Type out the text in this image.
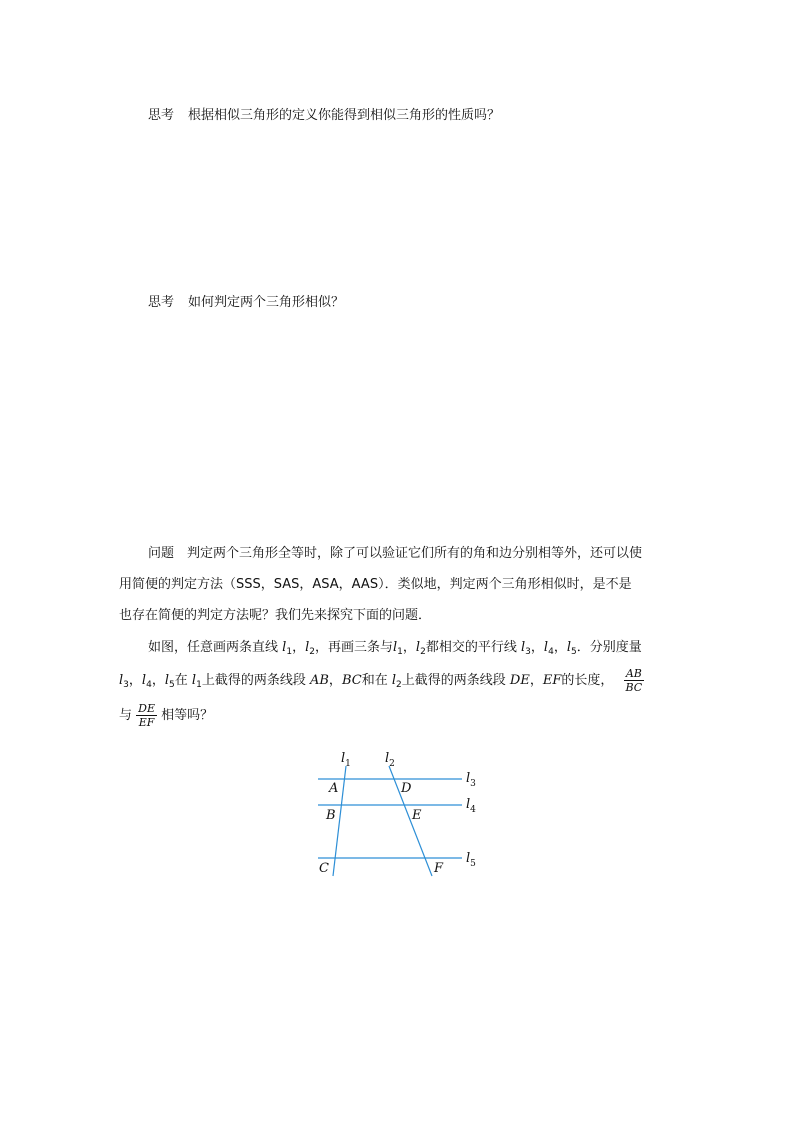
思考 根据相似三角形的定义你能得到相似三角形的性质吗？
思考 如何判定两个三角形相似？
问题 判定两个三角形全等时，除了可以验证它们所有的角和边分别相等外，还可以使
用简便的判定方法（SSS，SAS，ASA，AAS）．类似地，判定两个三角形相似时，是不是
也存在简便的判定方法呢？我们先来探究下面的问题．
如图，任意画两条直线 $l_1$，$l_2$，再画三条与$l_1$，$l_2$都相交的平行线 $l_3$，$l_4$，$l_5$．分别度量
$l_3$，$l_4$，$l_5$在 $l_1$上截得的两条线段 AB，BC和在 $l_2$上截得的两条线段 DE，EF的长度， $\frac{AB}{BC}$
与 $\frac{DE}{EF}$ 相等吗？
$l_1$	$l_2$
$l_3$
$l_4$
$l_5$
A
B
C
D
E
F
